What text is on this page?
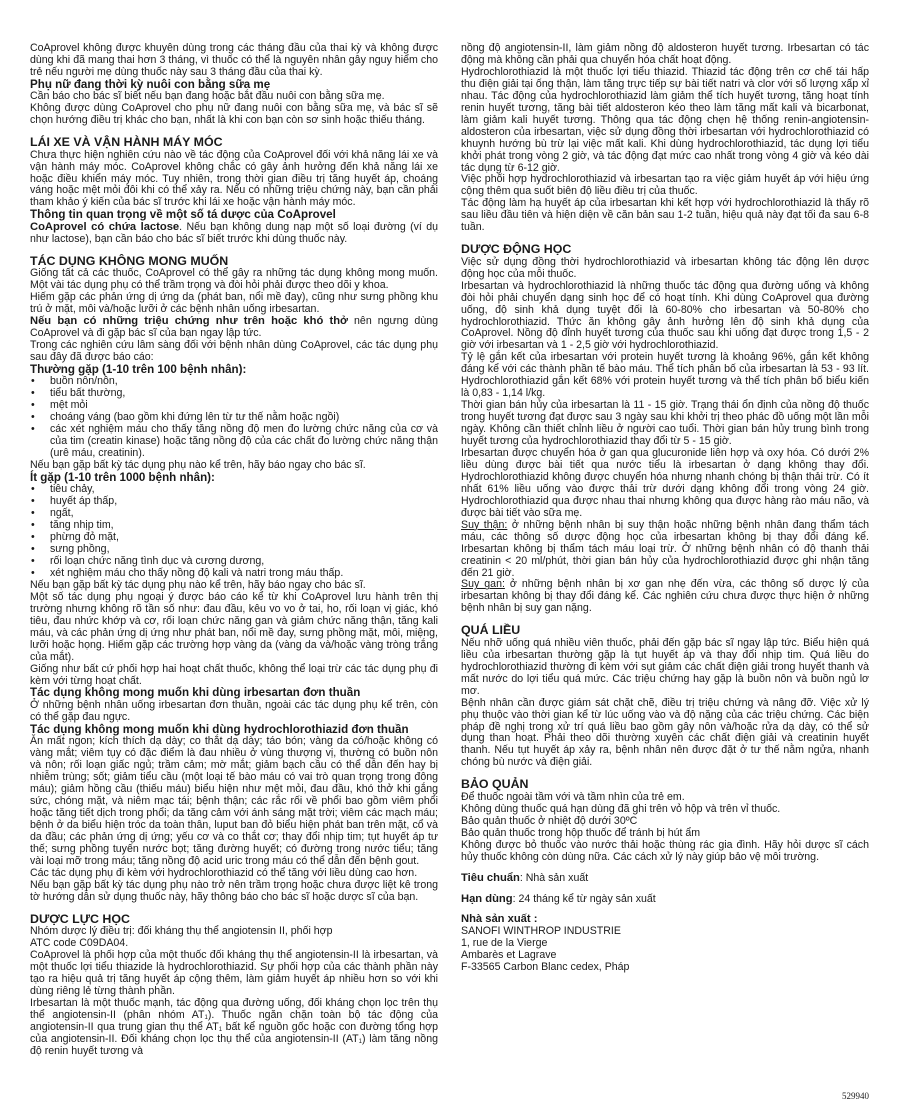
CoAprovel không được khuyên dùng trong các tháng đầu của thai kỳ và không được dùng khi đã mang thai hơn 3 tháng, vì thuốc có thể là nguyên nhân gây nguy hiểm cho trẻ nếu người mẹ dùng thuốc này sau 3 tháng đầu của thai kỳ.

Phụ nữ đang thời kỳ nuôi con bằng sữa mẹ

Cần báo cho bác sĩ biết nếu bạn đang hoặc bắt đầu nuôi con bằng sữa mẹ.

Không được dùng CoAprovel cho phụ nữ đang nuôi con bằng sữa mẹ, và bác sĩ sẽ chọn hướng điều trị khác cho bạn, nhất là khi con bạn còn sơ sinh hoặc thiếu tháng.

LÁI XE VÀ VẬN HÀNH MÁY MÓC

Chưa thực hiện nghiên cứu nào về tác động của CoAprovel đối với khả năng lái xe và vận hành máy móc. CoAprovel không chắc có gây ảnh hưởng đến khả năng lái xe hoặc điều khiển máy móc. Tuy nhiên, trong thời gian điều trị tăng huyết áp, choáng váng hoặc mệt mỏi đôi khi có thể xảy ra. Nếu có những triệu chứng này, bạn cần phải tham khảo ý kiến của bác sĩ trước khi lái xe hoặc vận hành máy móc.

Thông tin quan trọng về một số tá dược của CoAprovel

CoAprovel có chứa lactose. Nếu bạn không dung nạp một số loại đường (ví dụ như lactose), bạn cần báo cho bác sĩ biết trước khi dùng thuốc này.

TÁC DỤNG KHÔNG MONG MUỐN

Giống tất cả các thuốc, CoAprovel có thể gây ra những tác dụng không mong muốn. Một vài tác dụng phụ có thể trầm trọng và đòi hỏi phải được theo dõi y khoa.

Hiếm gặp các phản ứng dị ứng da (phát ban, nổi mề đay), cũng như sưng phồng khu trú ở mặt, môi và/hoặc lưỡi ở các bệnh nhân uống irbesartan.

Nếu bạn có những triệu chứng như trên hoặc khó thở nên ngưng dùng CoAprovel và đi gặp bác sĩ của bạn ngay lập tức.

Trong các nghiên cứu lâm sàng đối với bệnh nhân dùng CoAprovel, các tác dụng phụ sau đây đã được báo cáo:

Thường gặp (1-10 trên 100 bệnh nhân):
• buồn nôn/nôn,
• tiểu bất thường,
• mệt mỏi
• choáng váng (bao gồm khi đứng lên từ tư thế nằm hoặc ngồi)
• các xét nghiệm máu cho thấy tăng nồng độ men đo lường chức năng của cơ và của tim (creatin kinase) hoặc tăng nồng độ của các chất đo lường chức năng thận (urê máu, creatinin).

Nếu bạn gặp bất kỳ tác dụng phụ nào kể trên, hãy báo ngay cho bác sĩ.

Ít gặp (1-10 trên 1000 bệnh nhân):
• tiêu chảy,
• huyết áp thấp,
• ngất,
• tăng nhịp tim,
• phừng đỏ mặt,
• sưng phồng,
• rối loạn chức năng tình dục và cương dương,
• xét nghiệm máu cho thấy nồng độ kali và natri trong máu thấp.

Nếu bạn gặp bất kỳ tác dụng phụ nào kể trên, hãy báo ngay cho bác sĩ.

Một số tác dụng phụ ngoại ý được báo cáo kể từ khi CoAprovel lưu hành trên thị trường nhưng không rõ tần số như: đau đầu, kêu vo vo ở tai, ho, rối loạn vị giác, khó tiêu, đau nhức khớp và cơ, rối loạn chức năng gan và giảm chức năng thận, tăng kali máu, và các phản ứng dị ứng như phát ban, nổi mề đay, sưng phồng mặt, môi, miệng, lưỡi hoặc họng. Hiếm gặp các trường hợp vàng da (vàng da và/hoặc vàng tròng trắng của mắt).

Giống như bất cứ phối hợp hai hoạt chất thuốc, không thể loại trừ các tác dụng phụ đi kèm với từng hoạt chất.

Tác dụng không mong muốn khi dùng irbesartan đơn thuần

Ở những bệnh nhân uống irbesartan đơn thuần, ngoài các tác dụng phụ kể trên, còn có thể gặp đau ngực.

Tác dụng không mong muốn khi dùng hydrochlorothiazid đơn thuần

Ăn mất ngon; kích thích dạ dày; co thắt dạ dày; táo bón; vàng da có/hoặc không có vàng mắt; viêm tụy có đặc điểm là đau nhiều ở vùng thượng vị, thường có buồn nôn và nôn; rối loạn giấc ngủ; trầm cảm; mờ mắt; giảm bạch cầu có thể dẫn đến hay bị nhiễm trùng; sốt; giảm tiểu cầu (một loại tế bào máu có vai trò quan trọng trong đông máu); giảm hồng cầu (thiếu máu) biểu hiện như mệt mỏi, đau đầu, khó thở khi gắng sức, chóng mặt, và niêm mạc tái; bệnh thận; các rắc rối về phổi bao gồm viêm phổi hoặc tăng tiết dịch trong phổi; da tăng cảm với ánh sáng mặt trời; viêm các mạch máu; bệnh ở da biểu hiện tróc da toàn thân, luput ban đỏ biểu hiện phát ban trên mặt, cổ và da đầu; các phản ứng dị ứng; yếu cơ và co thắt cơ; thay đổi nhịp tim; tụt huyết áp tư thế; sưng phồng tuyến nước bọt; tăng đường huyết; có đường trong nước tiểu; tăng vài loại mỡ trong máu; tăng nồng độ acid uric trong máu có thể dẫn đến bệnh gout.

Các tác dụng phụ đi kèm với hydrochlorothiazid có thể tăng với liều dùng cao hơn.

Nếu bạn gặp bất kỳ tác dụng phụ nào trở nên trầm trọng hoặc chưa được liệt kê trong tờ hướng dẫn sử dụng thuốc này, hãy thông báo cho bác sĩ hoặc dược sĩ của bạn.

DƯỢC LỰC HỌC

Nhóm dược lý điều trị: đối kháng thụ thể angiotensin II, phối hợp

ATC code C09DA04.

CoAprovel là phối hợp của một thuốc đối kháng thụ thể angiotensin-II là irbesartan, và một thuốc lợi tiểu thiazide là hydrochlorothiazid. Sự phối hợp của các thành phần này tạo ra hiệu quả trị tăng huyết áp cộng thêm, làm giảm huyết áp nhiều hơn so với khi dùng riêng lẻ từng thành phần.

Irbesartan là một thuốc mạnh, tác động qua đường uống, đối kháng chọn lọc trên thụ thể angiotensin-II (phân nhóm $AT_1$). Thuốc ngăn chặn toàn bộ tác động của angiotensin-II qua trung gian thụ thể $AT_1$ bất kể nguồn gốc hoặc con đường tổng hợp của angiotensin-II. Đối kháng chọn lọc thụ thể của angiotensin-II $(AT_1)$ làm tăng nồng độ renin huyết tương và

nồng độ angiotensin-II, làm giảm nồng độ aldosteron huyết tương. Irbesartan có tác động mà không cần phải qua chuyển hóa chất hoạt động.

Hydrochlorothiazid là một thuốc lợi tiểu thiazid. Thiazid tác động trên cơ chế tái hấp thu điện giải tại ống thận, làm tăng trực tiếp sự bài tiết natri và clor với số lượng xấp xỉ nhau. Tác động của hydrochlorothiazid làm giảm thể tích huyết tương, tăng hoạt tính renin huyết tương, tăng bài tiết aldosteron kéo theo làm tăng mất kali và bicarbonat, làm giảm kali huyết tương. Thông qua tác động chẹn hệ thống renin-angiotensin-aldosteron của irbesartan, việc sử dụng đồng thời irbesartan với hydrochlorothiazid có khuynh hướng bù trừ lại việc mất kali. Khi dùng hydrochlorothiazid, tác dụng lợi tiểu khởi phát trong vòng 2 giờ, và tác động đạt mức cao nhất trong vòng 4 giờ và kéo dài tác dụng từ 6-12 giờ.

Việc phối hợp hydrochlorothiazid và irbesartan tạo ra việc giảm huyết áp với hiệu ứng cộng thêm qua suốt biên độ liều điều trị của thuốc.

Tác động làm hạ huyết áp của irbesartan khi kết hợp với hydrochlorothiazid là thấy rõ sau liều đầu tiên và hiện diện về căn bản sau 1-2 tuần, hiệu quả này đạt tối đa sau 6-8 tuần.

DƯỢC ĐỘNG HỌC

Việc sử dụng đồng thời hydrochlorothiazid và irbesartan không tác động lên dược động học của mỗi thuốc.

Irbesartan và hydrochlorothiazid là những thuốc tác động qua đường uống và không đòi hỏi phải chuyển dạng sinh học để có hoạt tính. Khi dùng CoAprovel qua đường uống, độ sinh khả dụng tuyệt đối là 60-80% cho irbesartan và 50-80% cho hydrochlorothiazid. Thức ăn không gây ảnh hưởng lên độ sinh khả dụng của CoAprovel. Nồng độ đỉnh huyết tương của thuốc sau khi uống đạt được trong 1,5 - 2 giờ với irbesartan và 1 - 2,5 giờ với hydrochlorothiazid.

Tỷ lệ gắn kết của irbesartan với protein huyết tương là khoảng 96%, gắn kết không đáng kể với các thành phần tế bào máu. Thể tích phân bố của irbesartan là 53 - 93 lít. Hydrochlorothiazid gắn kết 68% với protein huyết tương và thể tích phân bố biểu kiến là 0,83 - 1,14 l/kg.

Thời gian bán hủy của irbesartan là 11 - 15 giờ. Trạng thái ổn định của nồng độ thuốc trong huyết tương đạt được sau 3 ngày sau khi khởi trị theo phác đồ uống một lần mỗi ngày. Không cần thiết chỉnh liều ở người cao tuổi. Thời gian bán hủy trung bình trong huyết tương của hydrochlorothiazid thay đổi từ 5 - 15 giờ.

Irbesartan được chuyển hóa ở gan qua glucuronide liên hợp và oxy hóa. Có dưới 2% liều dùng được bài tiết qua nước tiểu là irbesartan ở dạng không thay đổi. Hydrochlorothiazid không được chuyển hóa nhưng nhanh chóng bị thận thải trừ. Có ít nhất 61% liều uống vào được thải trừ dưới dạng không đổi trong vòng 24 giờ. Hydrochlorothiazid qua được nhau thai nhưng không qua được hàng rào máu não, và được bài tiết vào sữa mẹ.

Suy thận: ở những bệnh nhân bị suy thận hoặc những bệnh nhân đang thẩm tách máu, các thông số dược động học của irbesartan không bị thay đổi đáng kể. Irbesartan không bị thẩm tách máu loại trừ. Ở những bệnh nhân có độ thanh thải creatinin < 20 ml/phút, thời gian bán hủy của hydrochlorothiazid được ghi nhận tăng đến 21 giờ.

Suy gan: ở những bệnh nhân bị xơ gan nhẹ đến vừa, các thông số dược lý của irbesartan không bị thay đổi đáng kể. Các nghiên cứu chưa được thực hiện ở những bệnh nhân bị suy gan nặng.

QUÁ LIỀU

Nếu nhỡ uống quá nhiều viên thuốc, phải đến gặp bác sĩ ngay lập tức. Biểu hiện quá liều của irbesartan thường gặp là tụt huyết áp và thay đổi nhịp tim. Quá liều do hydrochlorothiazid thường đi kèm với sụt giảm các chất điện giải trong huyết thanh và mất nước do lợi tiểu quá mức. Các triệu chứng hay gặp là buồn nôn và buồn ngủ lơ mơ.

Bệnh nhân cần được giám sát chặt chẽ, điều trị triệu chứng và nâng đỡ. Việc xử lý phụ thuộc vào thời gian kể từ lúc uống vào và độ nặng của các triệu chứng. Các biện pháp đề nghị trong xử trí quá liều bao gồm gây nôn và/hoặc rửa dạ dày, có thể sử dụng than hoạt. Phải theo dõi thường xuyên các chất điện giải và creatinin huyết thanh. Nếu tụt huyết áp xảy ra, bệnh nhân nên được đặt ở tư thế nằm ngửa, nhanh chóng bù nước và điện giải.

BẢO QUẢN

Để thuốc ngoài tầm với và tầm nhìn của trẻ em.

Không dùng thuốc quá hạn dùng đã ghi trên vỏ hộp và trên vỉ thuốc.

Bảo quản thuốc ở nhiệt độ dưới 30ºC

Bảo quản thuốc trong hộp thuốc để tránh bị hút ẩm

Không được bỏ thuốc vào nước thải hoặc thùng rác gia đình. Hãy hỏi dược sĩ cách hủy thuốc không còn dùng nữa. Các cách xử lý này giúp bảo vệ môi trường.

Tiêu chuẩn: Nhà sản xuất

Hạn dùng: 24 tháng kể từ ngày sản xuất

Nhà sản xuất :

SANOFI WINTHROP INDUSTRIE

1, rue de la Vierge

Ambarès et Lagrave

F-33565 Carbon Blanc cedex, Pháp

529940
